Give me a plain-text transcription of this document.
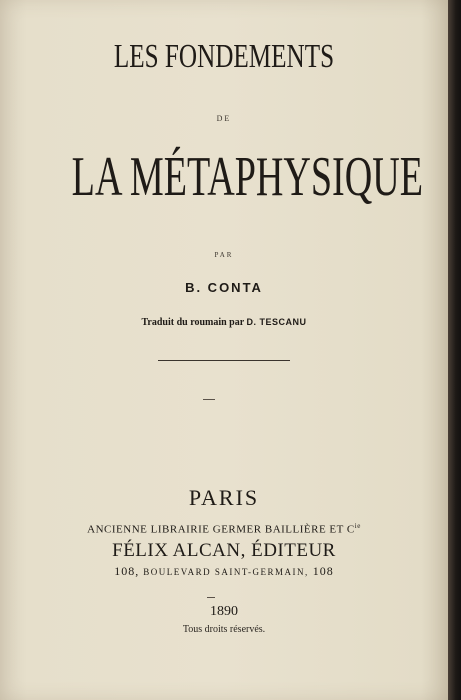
LES FONDEMENTS
DE
LA MÉTAPHYSIQUE
PAR
B. CONTA
Traduit du roumain par D. TESCANU
PARIS
ANCIENNE LIBRAIRIE GERMER BAILLIÈRE ET $C^{ie}$
FÉLIX ALCAN, ÉDITEUR
108, BOULEVARD SAINT-GERMAIN, 108
1890
Tous droits réservés.
